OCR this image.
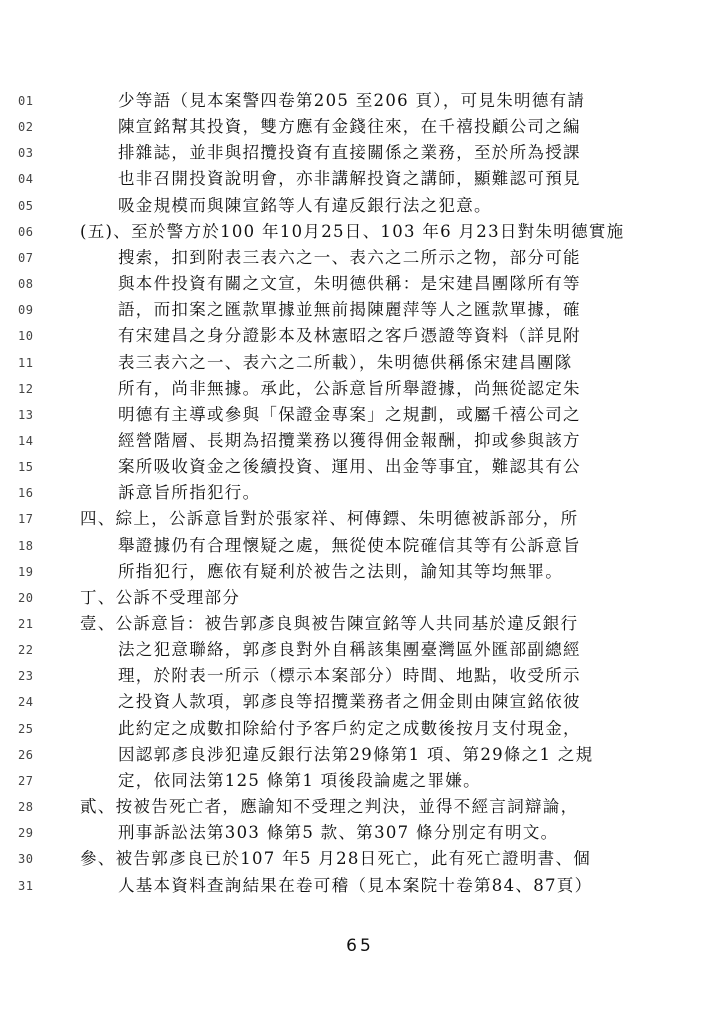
01	少等語（見本案警四卷第205 至206 頁），可見朱明德有請
02	陳宣銘幫其投資，雙方應有金錢往來，在千禧投顧公司之編
03	排雜誌，並非與招攬投資有直接關係之業務，至於所為授課
04	也非召開投資說明會，亦非講解投資之講師，顯難認可預見
05	吸金規模而與陳宣銘等人有違反銀行法之犯意。
06	(五)、至於警方於100 年10月25日、103 年6 月23日對朱明德實施
07	搜索，扣到附表三表六之一、表六之二所示之物，部分可能
08	與本件投資有關之文宣，朱明德供稱：是宋建昌團隊所有等
09	語，而扣案之匯款單據並無前揭陳麗萍等人之匯款單據，確
10	有宋建昌之身分證影本及林憲昭之客戶憑證等資料（詳見附
11	表三表六之一、表六之二所載），朱明德供稱係宋建昌團隊
12	所有，尚非無據。承此，公訴意旨所舉證據，尚無從認定朱
13	明德有主導或參與「保證金專案」之規劃，或屬千禧公司之
14	經營階層、長期為招攬業務以獲得佣金報酬，抑或參與該方
15	案所吸收資金之後續投資、運用、出金等事宜，難認其有公
16	訴意旨所指犯行。
17	四、綜上，公訴意旨對於張家祥、柯傳鏢、朱明德被訴部分，所
18	舉證據仍有合理懷疑之處，無從使本院確信其等有公訴意旨
19	所指犯行，應依有疑利於被告之法則，諭知其等均無罪。
20	丁、公訴不受理部分
21	壹、公訴意旨：被告郭彥良與被告陳宣銘等人共同基於違反銀行
22	法之犯意聯絡，郭彥良對外自稱該集團臺灣區外匯部副總經
23	理，於附表一所示（標示本案部分）時間、地點，收受所示
24	之投資人款項，郭彥良等招攬業務者之佣金則由陳宣銘依彼
25	此約定之成數扣除給付予客戶約定之成數後按月支付現金，
26	因認郭彥良涉犯違反銀行法第29條第1 項、第29條之1 之規
27	定，依同法第125 條第1 項後段論處之罪嫌。
28	貳、按被告死亡者，應諭知不受理之判決，並得不經言詞辯論，
29	刑事訴訟法第303 條第5 款、第307 條分別定有明文。
30	參、被告郭彥良已於107 年5 月28日死亡，此有死亡證明書、個
31	人基本資料查詢結果在卷可稽（見本案院十卷第84、87頁）
65
